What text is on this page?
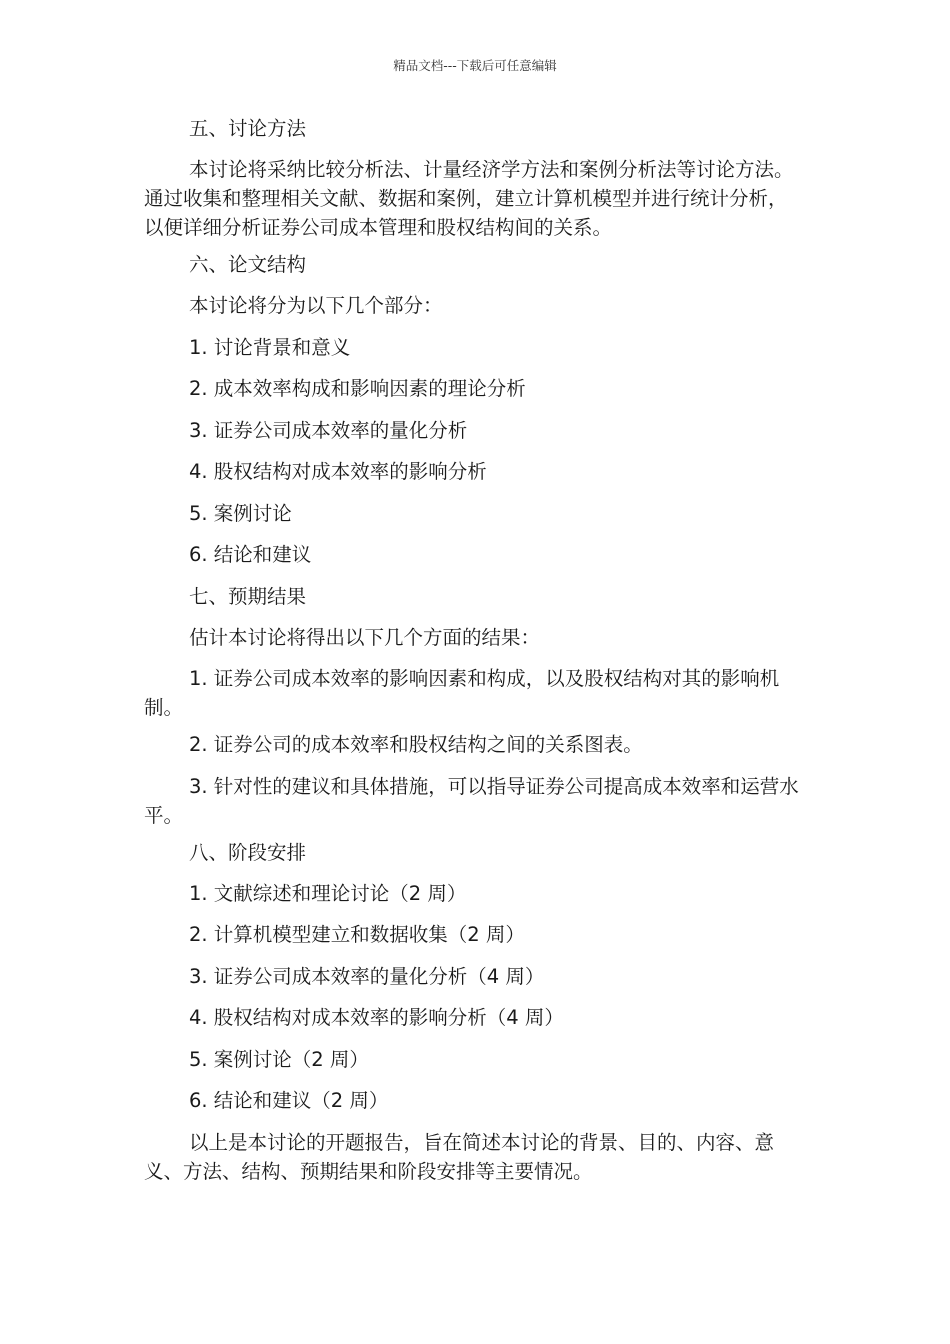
精品文档---下载后可任意编辑

五、讨论方法

本讨论将采纳比较分析法、计量经济学方法和案例分析法等讨论方法。通过收集和整理相关文献、数据和案例，建立计算机模型并进行统计分析，以便详细分析证券公司成本管理和股权结构间的关系。

六、论文结构

本讨论将分为以下几个部分：

1. 讨论背景和意义

2. 成本效率构成和影响因素的理论分析

3. 证券公司成本效率的量化分析

4. 股权结构对成本效率的影响分析

5. 案例讨论

6. 结论和建议

七、预期结果

估计本讨论将得出以下几个方面的结果：

1. 证券公司成本效率的影响因素和构成，以及股权结构对其的影响机制。

2. 证券公司的成本效率和股权结构之间的关系图表。

3. 针对性的建议和具体措施，可以指导证券公司提高成本效率和运营水平。

八、阶段安排

1. 文献综述和理论讨论（2 周）

2. 计算机模型建立和数据收集（2 周）

3. 证券公司成本效率的量化分析（4 周）

4. 股权结构对成本效率的影响分析（4 周）

5. 案例讨论（2 周）

6. 结论和建议（2 周）

以上是本讨论的开题报告，旨在简述本讨论的背景、目的、内容、意义、方法、结构、预期结果和阶段安排等主要情况。
